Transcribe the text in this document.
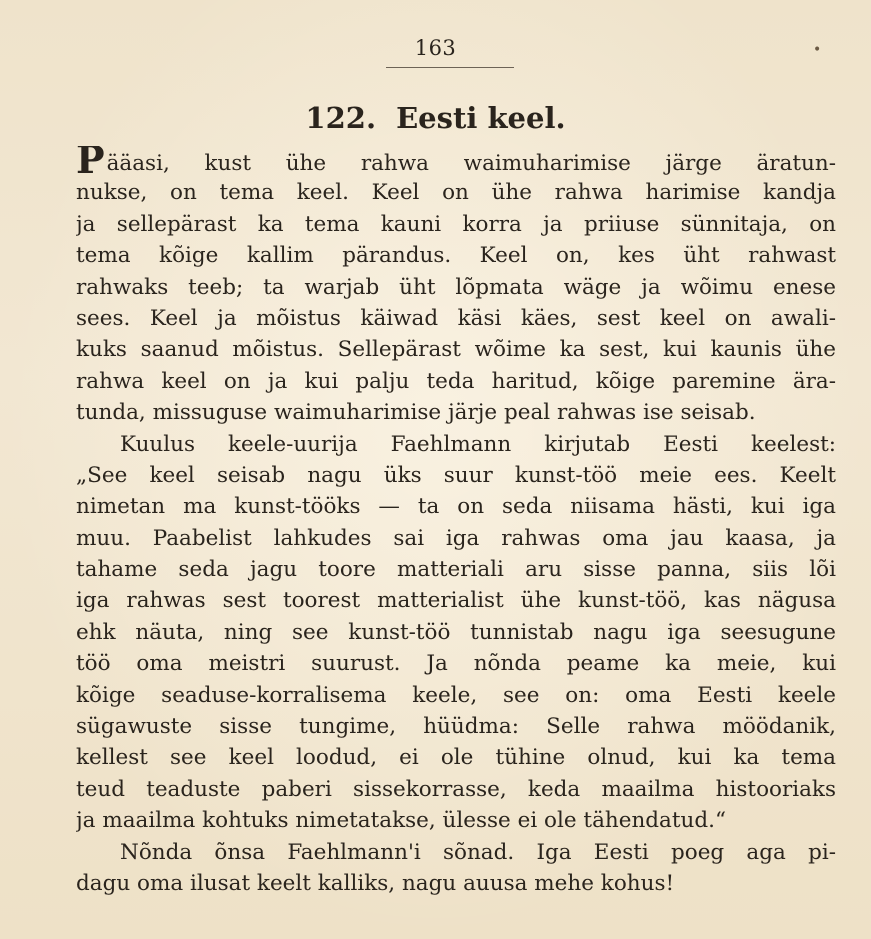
163	•
122. Eesti keel.
Pääasi, kust ühe rahwa waimuharimise järge äratun-
nukse, on tema keel. Keel on ühe rahwa harimise kandja
ja sellepärast ka tema kauni korra ja priiuse sünnitaja, on
tema kõige kallim pärandus. Keel on, kes üht rahwast
rahwaks teeb; ta warjab üht lõpmata wäge ja wõimu enese
sees. Keel ja mõistus käiwad käsi käes, sest keel on awali-
kuks saanud mõistus. Sellepärast wõime ka sest, kui kaunis ühe
rahwa keel on ja kui palju teda haritud, kõige paremine ära-
tunda, missuguse waimuharimise järje peal rahwas ise seisab.
Kuulus keele-uurija Faehlmann kirjutab Eesti keelest:
„See keel seisab nagu üks suur kunst-töö meie ees. Keelt
nimetan ma kunst-tööks — ta on seda niisama hästi, kui iga
muu. Paabelist lahkudes sai iga rahwas oma jau kaasa, ja
tahame seda jagu toore matteriali aru sisse panna, siis lõi
iga rahwas sest toorest matterialist ühe kunst-töö, kas nägusa
ehk näuta, ning see kunst-töö tunnistab nagu iga seesugune
töö oma meistri suurust. Ja nõnda peame ka meie, kui
kõige seaduse-korralisema keele, see on: oma Eesti keele
sügawuste sisse tungime, hüüdma: Selle rahwa möödanik,
kellest see keel loodud, ei ole tühine olnud, kui ka tema
teud teaduste paberi sissekorrasse, keda maailma histooriaks
ja maailma kohtuks nimetatakse, ülesse ei ole tähendatud.“
Nõnda õnsa Faehlmann'i sõnad. Iga Eesti poeg aga pi-
dagu oma ilusat keelt kalliks, nagu auusa mehe kohus!
